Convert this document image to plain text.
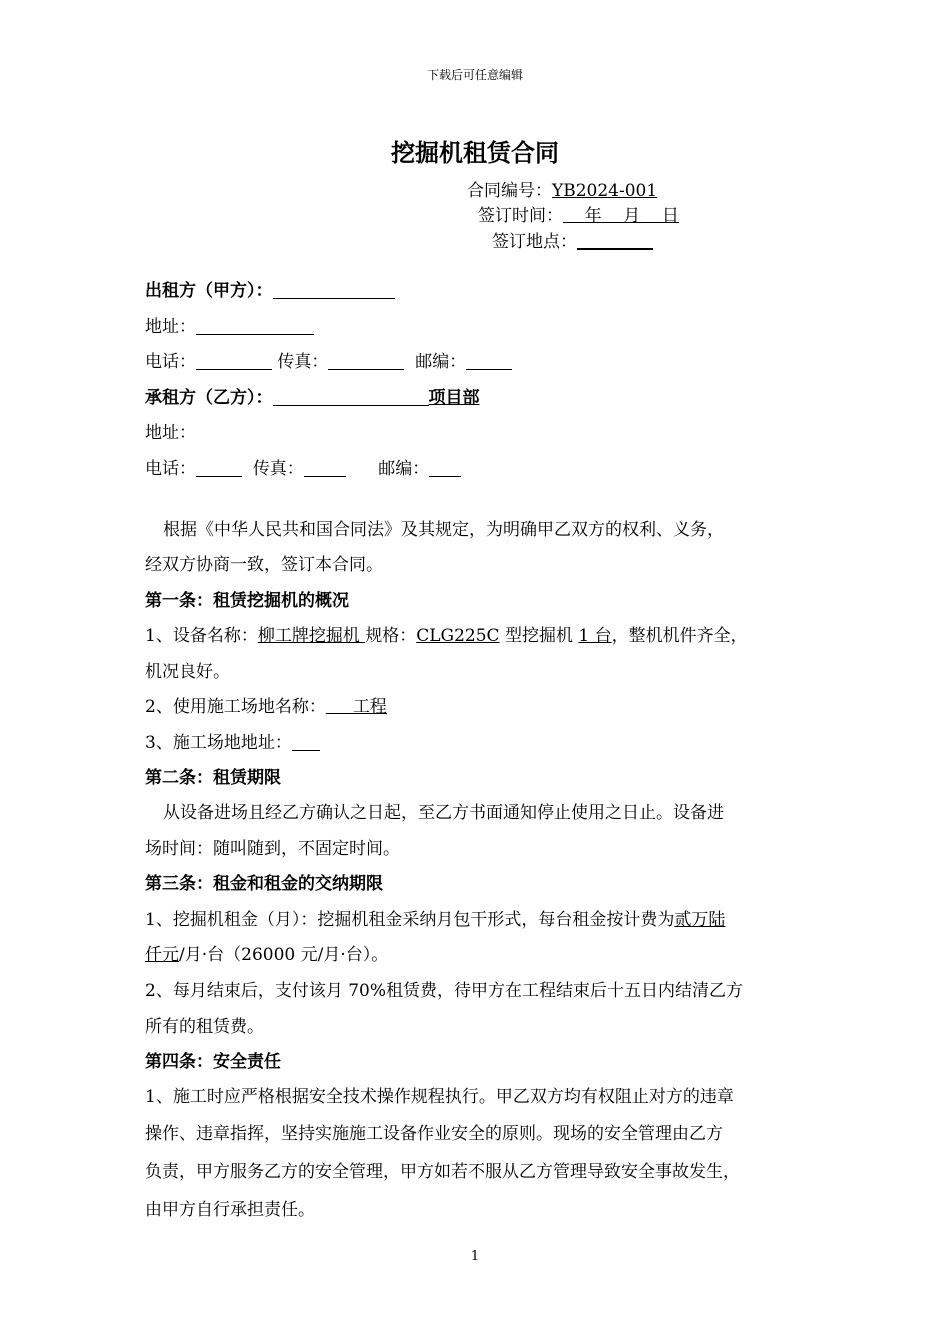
下载后可任意编辑
挖掘机租赁合同
合同编号：YB2024-001
签订时间： 年 月 日
签订地点：
出租方（甲方）：
地址：
电话：	传真：	邮编：
承租方（乙方）：	项目部
地址：
电话：	传真：	邮编：
根据《中华人民共和国合同法》及其规定，为明确甲乙双方的权利、义务，
经双方协商一致，签订本合同。
第一条：租赁挖掘机的概况
1、设备名称：柳工牌挖掘机 规格：CLG225C 型挖掘机 1 台，整机机件齐全，
机况良好。
2、使用施工场地名称： 工程
3、施工场地地址：
第二条：租赁期限
从设备进场且经乙方确认之日起，至乙方书面通知停止使用之日止。设备进
场时间：随叫随到，不固定时间。
第三条：租金和租金的交纳期限
1、挖掘机租金（月）：挖掘机租金采纳月包干形式，每台租金按计费为贰万陆
仟元/月·台（26000 元/月·台）。
2、每月结束后，支付该月 70%租赁费，待甲方在工程结束后十五日内结清乙方
所有的租赁费。
第四条：安全责任
1、施工时应严格根据安全技术操作规程执行。甲乙双方均有权阻止对方的违章
操作、违章指挥，坚持实施施工设备作业安全的原则。现场的安全管理由乙方
负责，甲方服务乙方的安全管理，甲方如若不服从乙方管理导致安全事故发生，
由甲方自行承担责任。
1
